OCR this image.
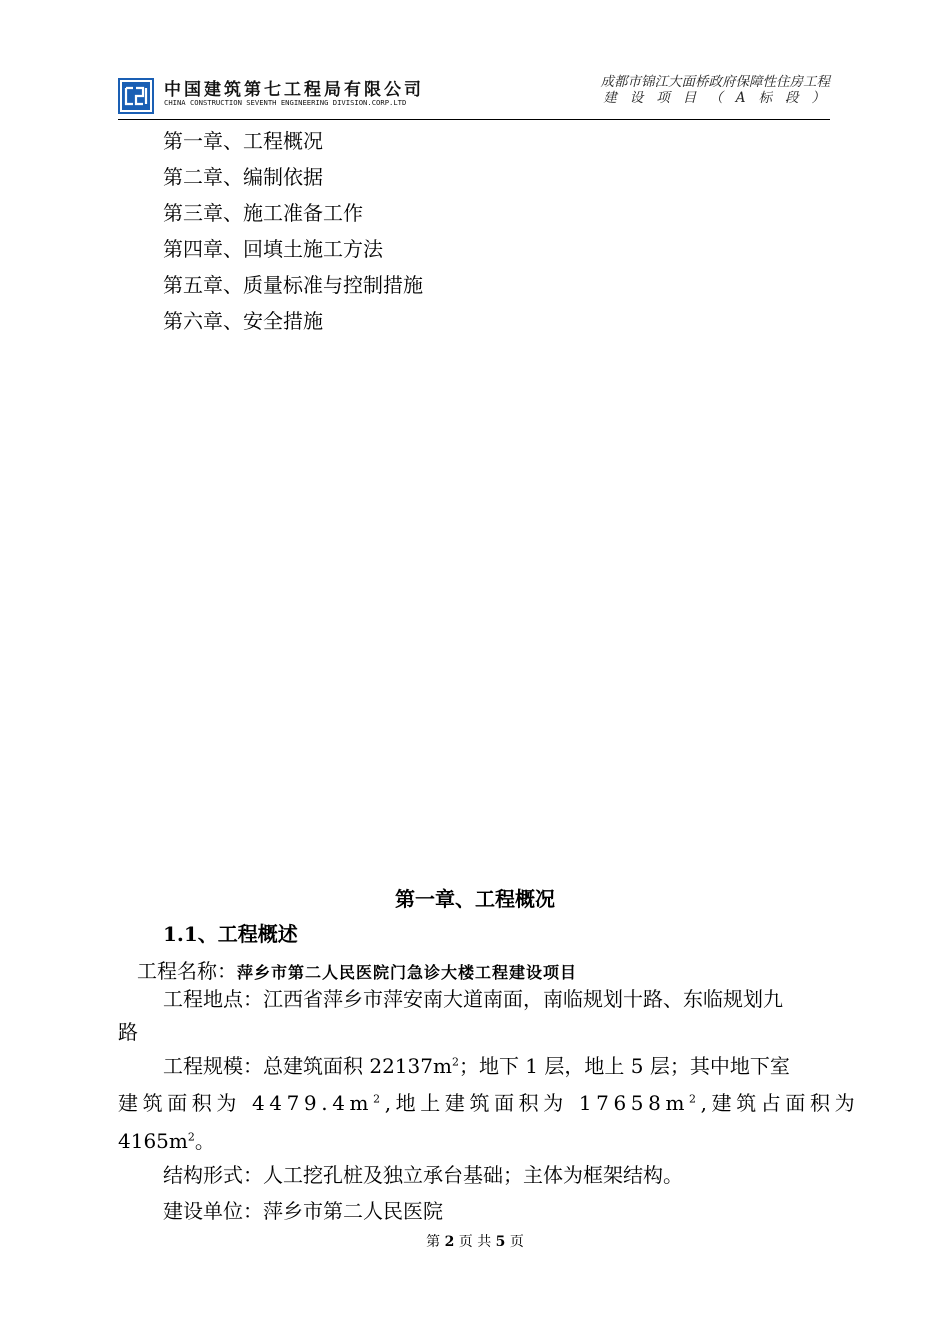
中国建筑第七工程局有限公司
CHINA CONSTRUCTION SEVENTH ENGINEERING DIVISION.CORP.LTD
成都市锦江大面桥政府保障性住房工程
建设项目（A标段）
第一章、工程概况
第二章、编制依据
第三章、施工准备工作
第四章、回填土施工方法
第五章、质量标准与控制措施
第六章、安全措施
第一章、工程概况
1.1、工程概述
工程名称：萍乡市第二人民医院门急诊大楼工程建设项目
工程地点：江西省萍乡市萍安南大道南面，南临规划十路、东临规划九
路
工程规模：总建筑面积 $22137m^2$；地下 1 层，地上 5 层；其中地下室
建筑面积为 $4479.4m^2$,地上建筑面积为 $17658m^2$,建筑占面积为
$4165m^2$。
结构形式：人工挖孔桩及独立承台基础；主体为框架结构。
建设单位：萍乡市第二人民医院
第 2 页 共 5 页
